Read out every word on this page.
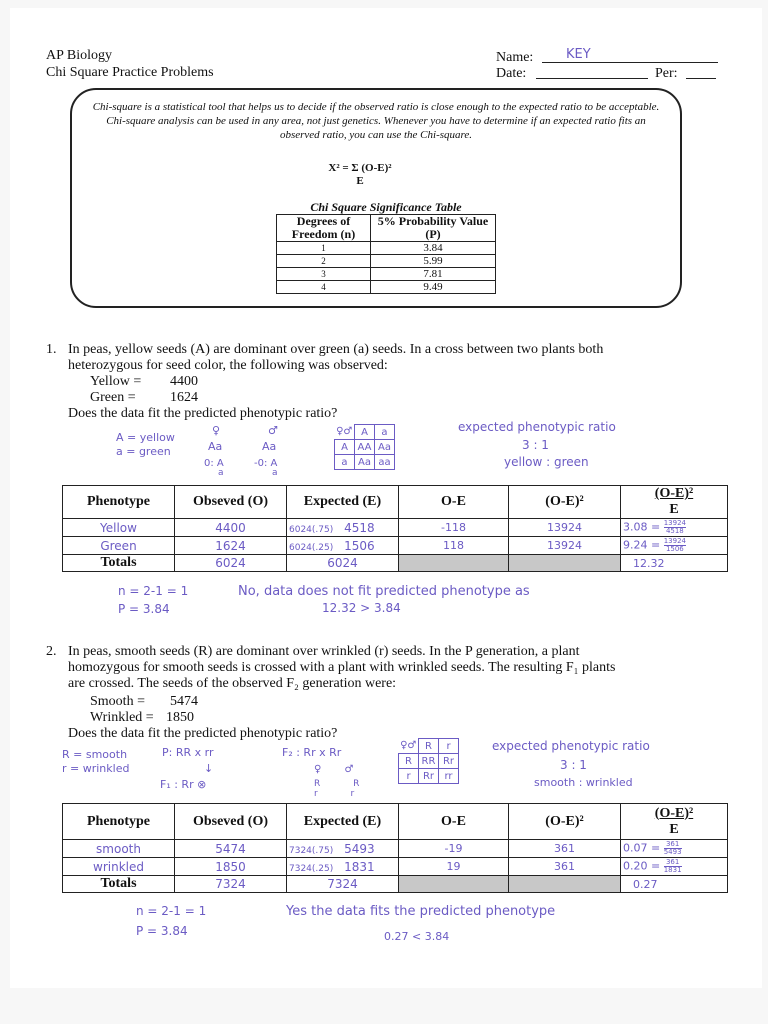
AP Biology
Chi Square Practice Problems
Name:	KEY
Date:	Per:
Chi-square is a statistical tool that helps us to decide if the observed ratio is close enough to the expected ratio to be acceptable. Chi-square analysis can be used in any area, not just genetics. Whenever you have to determine if an expected ratio fits an observed ratio, you can use the Chi-square.
X² = Σ (O-E)²
E
Chi Square Significance Table
Degrees of Freedom (n)	5% Probability Value (P)
1	3.84
2	5.99
3	7.81
4	9.49
1. In peas, yellow seeds (A) are dominant over green (a) seeds. In a cross between two plants both
heterozygous for seed color, the following was observed:
Yellow = 4400
Green = 1624
Does the data fit the predicted phenotypic ratio?
A = yellow
a = green
♀	♂
Aa	Aa
0: A
a
-0: A
a
♀♂	A	a
A	AA	Aa
a	Aa	aa
expected phenotypic ratio
3 : 1
yellow : green
Phenotype	Obseved (O)	Expected (E)	O-E	(O-E)²	(O-E)²
E

Yellow	4400	6024(.75) 4518	-118	13924	$3.08 = \frac{13924}{4518}$

Green	1624	6024(.25) 1506	118	13924	$9.24 = \frac{13924}{1506}$

Totals	6024	6024			12.32
n = 2-1 = 1
P = 3.84
No, data does not fit predicted phenotype as
12.32 > 3.84
2. In peas, smooth seeds (R) are dominant over wrinkled (r) seeds. In the P generation, a plant
homozygous for smooth seeds is crossed with a plant with wrinkled seeds. The resulting F₁ plants
are crossed. The seeds of the observed F₂ generation were:
Smooth = 5474
Wrinkled = 1850
Does the data fit the predicted phenotypic ratio?
R = smooth
r = wrinkled
P: RR x rr
↓
F₁ : Rr ⊗
F₂ : Rr x Rr
♀ ♂
R R
r r
♀♂	R	r
R	RR	Rr
r	Rr	rr
expected phenotypic ratio
3 : 1
smooth : wrinkled
Phenotype	Obseved (O)	Expected (E)	O-E	(O-E)²	(O-E)²
E

smooth	5474	7324(.75) 5493	-19	361	$0.07 = \frac{361}{5493}$

wrinkled	1850	7324(.25) 1831	19	361	$0.20 = \frac{361}{1831}$

Totals	7324	7324			0.27
n = 2-1 = 1
P = 3.84
Yes the data fits the predicted phenotype
0.27 < 3.84
